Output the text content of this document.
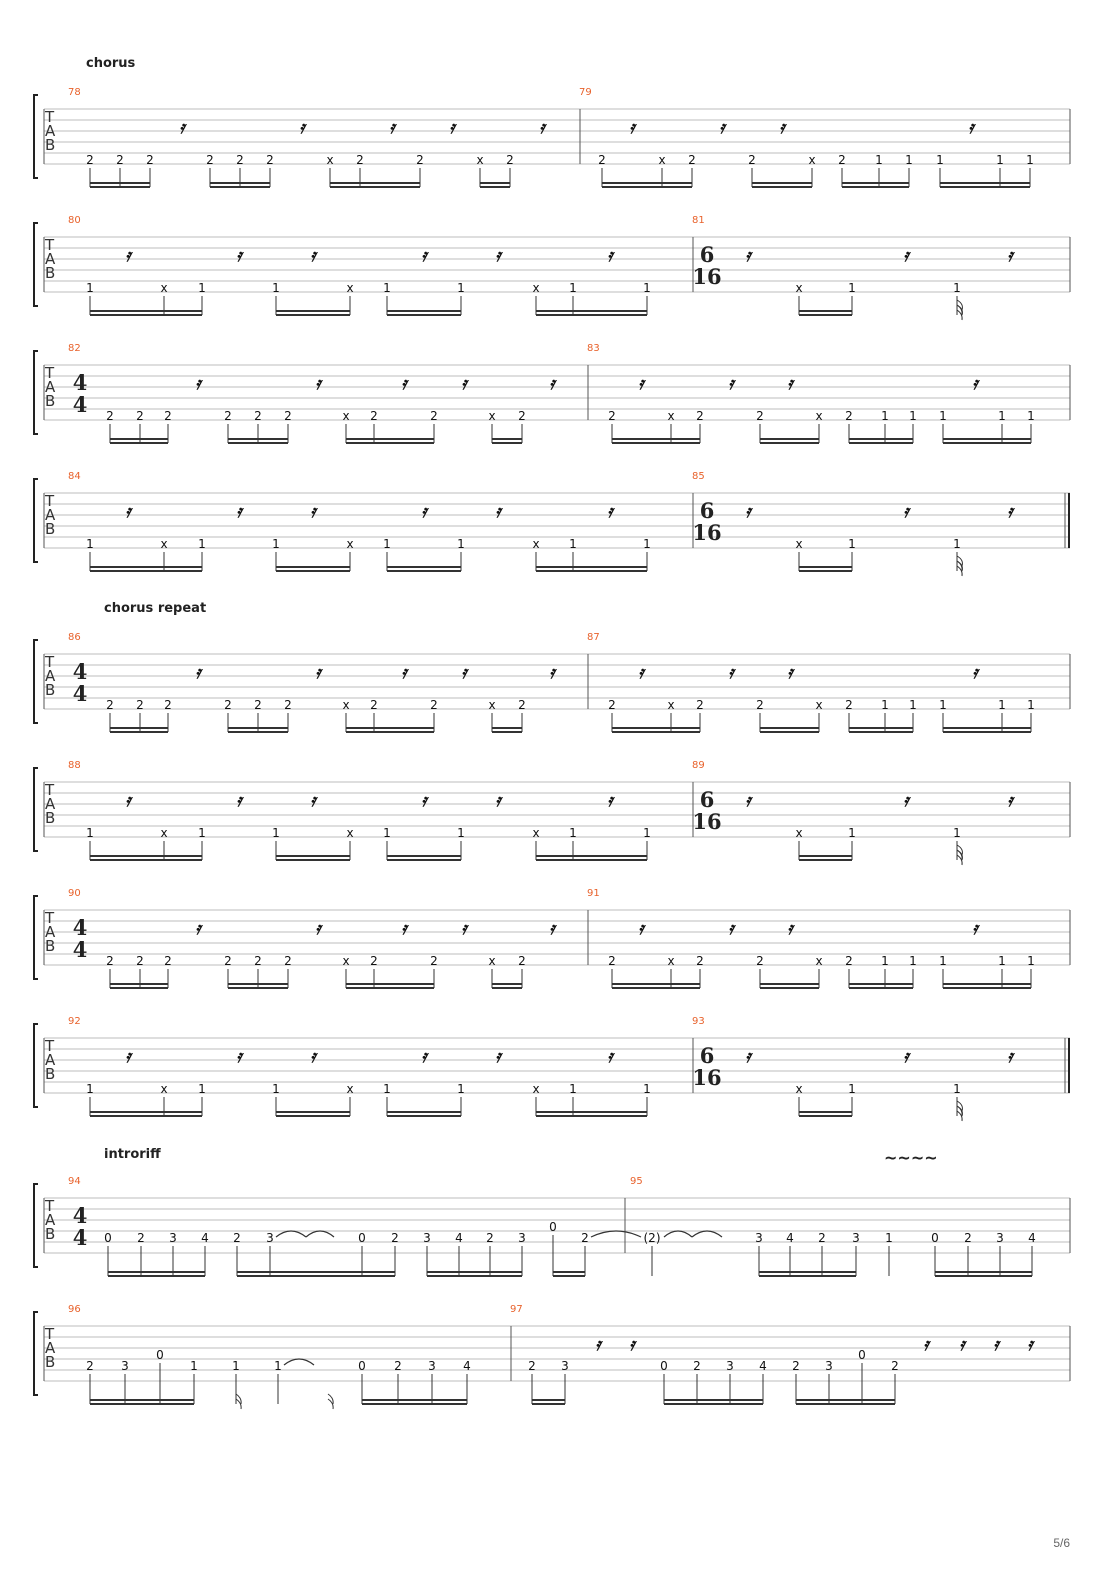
chorus
chorus repeat
introriff
T
A
B
78
𝄿	𝄿	𝄿	𝄿	𝄿
2 2 2	2 2 2	x 2	2	x 2
79
𝄿	𝄿	𝄿	𝄿
2	x 2	2	x 2 1 1 1	1 1
T
A
B
80
𝄿	𝄿	𝄿	𝄿	𝄿	𝄿
1	x	1	1	x 1	1	x 1	1
81
6
16
𝄿	𝄿	𝄿
x	1	1
T
A
B
82
4
4
𝄿	𝄿	𝄿	𝄿	𝄿
2 2 2	2 2 2	x 2	2	x 2
83
𝄿	𝄿	𝄿	𝄿
2	x 2	2	x 2 1 1 1	1 1
T
A
B
84
𝄿	𝄿	𝄿	𝄿	𝄿	𝄿
1	x	1	1	x 1	1	x 1	1
85
6
16
𝄿	𝄿	𝄿
x	1	1
T
A
B
86
4
4
𝄿	𝄿	𝄿	𝄿	𝄿
2 2 2	2 2 2	x 2	2	x 2
87
𝄿	𝄿	𝄿	𝄿
2	x 2	2	x 2 1 1 1	1 1
T
A
B
88
𝄿	𝄿	𝄿	𝄿	𝄿	𝄿
1	x	1	1	x 1	1	x 1	1
89
6
16
𝄿	𝄿	𝄿
x	1	1
T
A
B
90
4
4
𝄿	𝄿	𝄿	𝄿	𝄿
2 2 2	2 2 2	x 2	2	x 2
91
𝄿	𝄿	𝄿	𝄿
2	x 2	2	x 2 1 1 1	1 1
T
A
B
92
𝄿	𝄿	𝄿	𝄿	𝄿	𝄿
1	x	1	1	x 1	1	x 1	1
93
6
16
𝄿	𝄿	𝄿
x	1	1
T
A
B
94
4
4 0 2 3 4 2 3	0 2 3 4 2 3
0
2
95
(2)	3 4 2 3 1	0 2 3 4
T
A
B
96
2 3
0
1	1	1	0 2 3 4
97
𝄿 𝄿	𝄿 𝄿 𝄿 𝄿
2 3	0 2 3 4 2 3
0
2
~~~~
5/6
